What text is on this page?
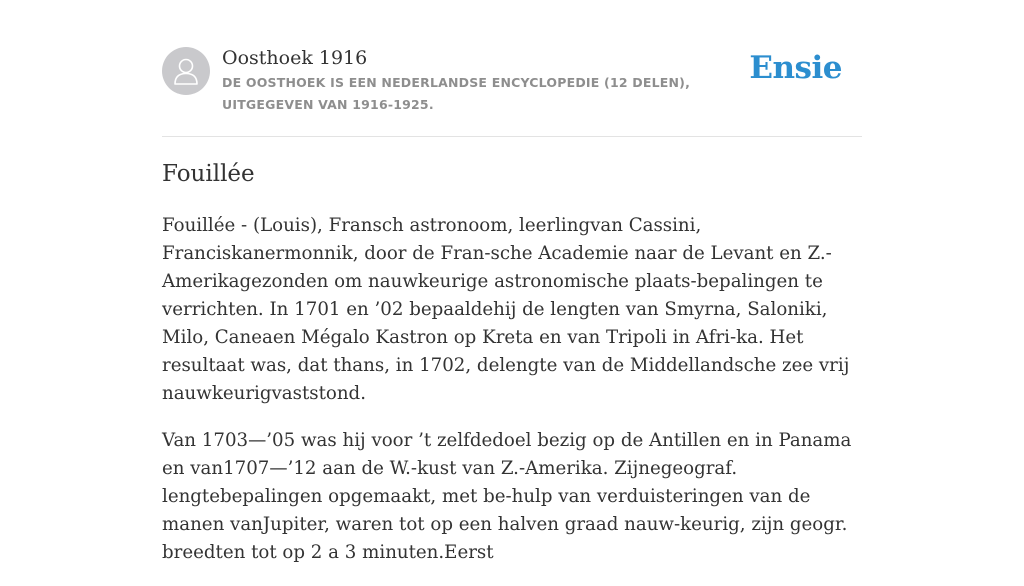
Oosthoek 1916
DE OOSTHOEK IS EEN NEDERLANDSE ENCYCLOPEDIE (12 DELEN), UITGEGEVEN VAN 1916-1925.
Ensie
Fouillée

Fouillée - (Louis), Fransch astronoom, leerlingvan Cassini, Franciskanermonnik, door de Fran-sche Academie naar de Levant en Z.-Amerikagezonden om nauwkeurige astronomische plaats-bepalingen te verrichten. In 1701 en ’02 bepaaldehij de lengten van Smyrna, Saloniki, Milo, Caneaen Mégalo Kastron op Kreta en van Tripoli in Afri-ka. Het resultaat was, dat thans, in 1702, delengte van de Middellandsche zee vrij nauwkeurigvaststond.

Van 1703—’05 was hij voor ’t zelfdedoel bezig op de Antillen en in Panama en van1707—’12 aan de W.-kust van Z.-Amerika. Zijnegeograf. lengtebepalingen opgemaakt, met be-hulp van verduisteringen van de manen vanJupiter, waren tot op een halven graad nauw-keurig, zijn geogr. breedten tot op 2 a 3 minuten.Eerst
